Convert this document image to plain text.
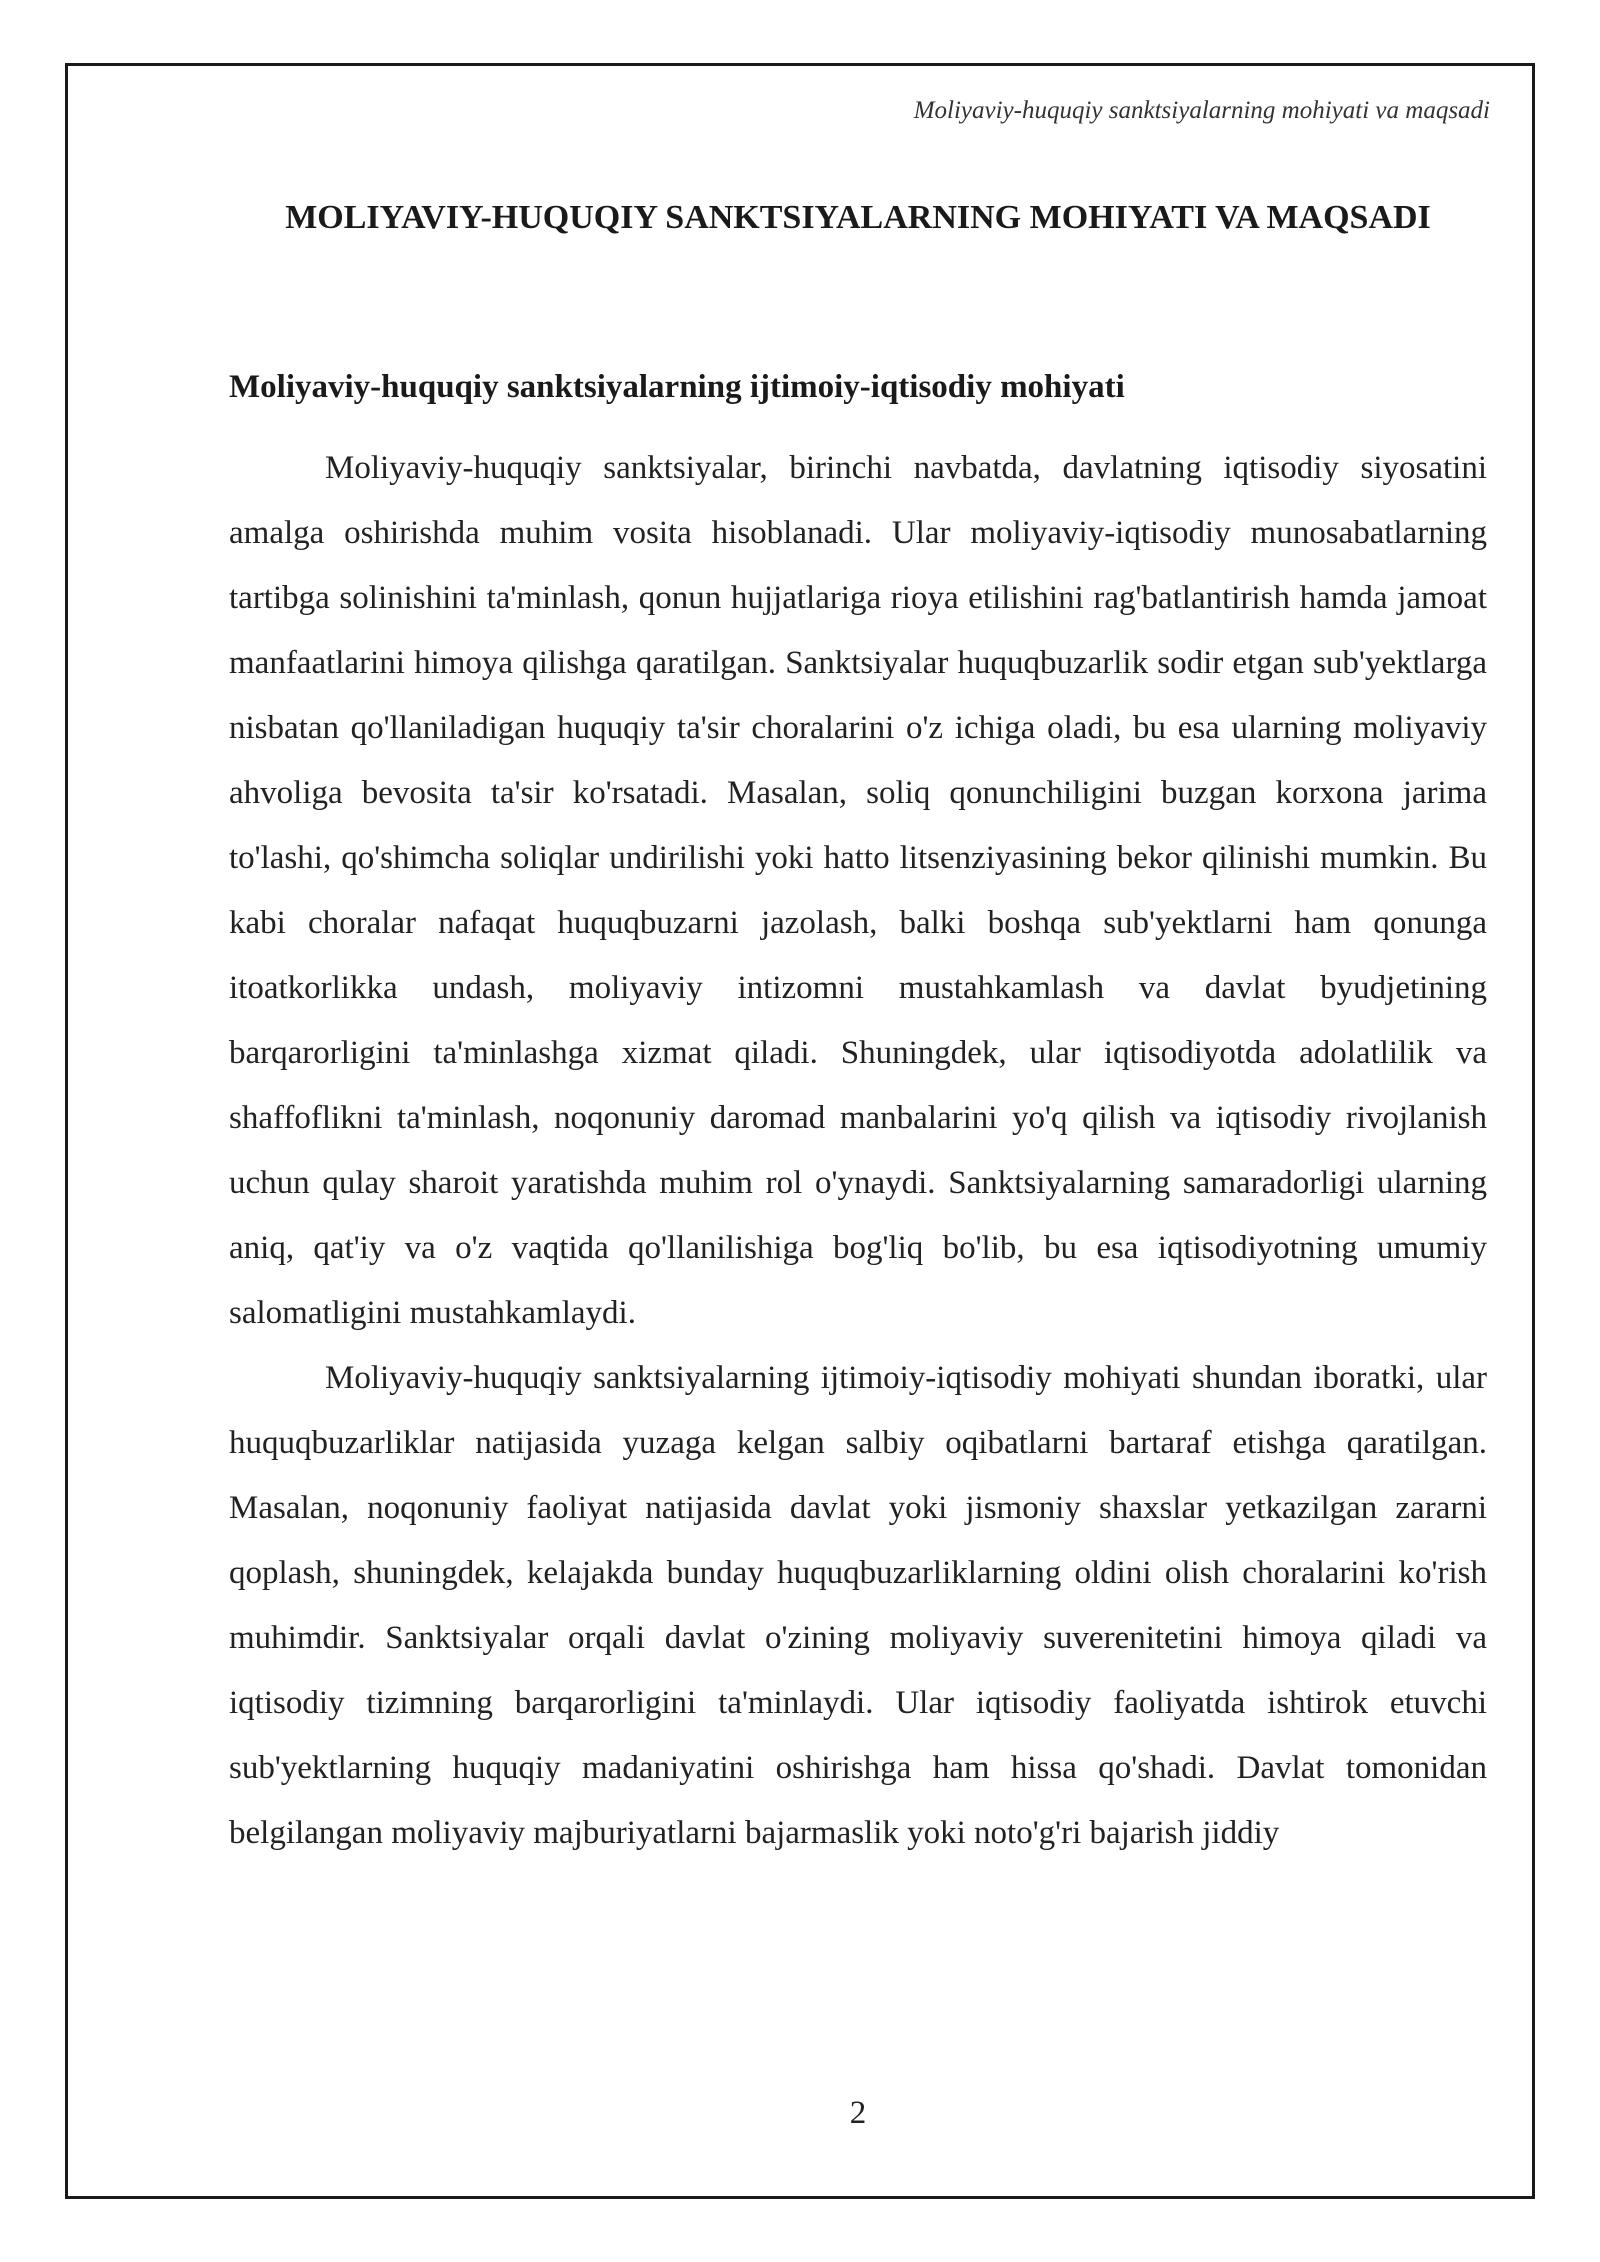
Moliyaviy-huquqiy sanktsiyalarning mohiyati va maqsadi
MOLIYAVIY-HUQUQIY SANKTSIYALARNING MOHIYATI VA MAQSADI
Moliyaviy-huquqiy sanktsiyalarning ijtimoiy-iqtisodiy mohiyati

Moliyaviy-huquqiy sanktsiyalar, birinchi navbatda, davlatning iqtisodiy siyosatini amalga oshirishda muhim vosita hisoblanadi. Ular moliyaviy-iqtisodiy munosabatlarning tartibga solinishini ta'minlash, qonun hujjatlariga rioya etilishini rag'batlantirish hamda jamoat manfaatlarini himoya qilishga qaratilgan. Sanktsiyalar huquqbuzarlik sodir etgan sub'yektlarga nisbatan qo'llaniladigan huquqiy ta'sir choralarini o'z ichiga oladi, bu esa ularning moliyaviy ahvoliga bevosita ta'sir ko'rsatadi. Masalan, soliq qonunchiligini buzgan korxona jarima to'lashi, qo'shimcha soliqlar undirilishi yoki hatto litsenziyasining bekor qilinishi mumkin. Bu kabi choralar nafaqat huquqbuzarni jazolash, balki boshqa sub'yektlarni ham qonunga itoatkorlikka undash, moliyaviy intizomni mustahkamlash va davlat byudjetining barqarorligini ta'minlashga xizmat qiladi. Shuningdek, ular iqtisodiyotda adolatlilik va shaffoflikni ta'minlash, noqonuniy daromad manbalarini yo'q qilish va iqtisodiy rivojlanish uchun qulay sharoit yaratishda muhim rol o'ynaydi. Sanktsiyalarning samaradorligi ularning aniq, qat'iy va o'z vaqtida qo'llanilishiga bog'liq bo'lib, bu esa iqtisodiyotning umumiy salomatligini mustahkamlaydi.

Moliyaviy-huquqiy sanktsiyalarning ijtimoiy-iqtisodiy mohiyati shundan iboratki, ular huquqbuzarliklar natijasida yuzaga kelgan salbiy oqibatlarni bartaraf etishga qaratilgan. Masalan, noqonuniy faoliyat natijasida davlat yoki jismoniy shaxslar yetkazilgan zararni qoplash, shuningdek, kelajakda bunday huquqbuzarliklarning oldini olish choralarini ko'rish muhimdir. Sanktsiyalar orqali davlat o'zining moliyaviy suverenitetini himoya qiladi va iqtisodiy tizimning barqarorligini ta'minlaydi. Ular iqtisodiy faoliyatda ishtirok etuvchi sub'yektlarning huquqiy madaniyatini oshirishga ham hissa qo'shadi. Davlat tomonidan belgilangan moliyaviy majburiyatlarni bajarmaslik yoki noto'g'ri bajarish jiddiy

2
